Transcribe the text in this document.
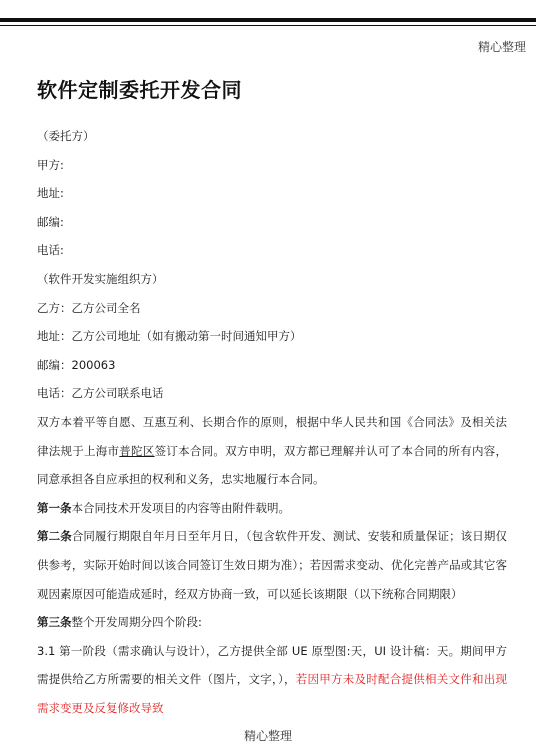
精心整理
软件定制委托开发合同
（委托方）
甲方:
地址:
邮编:
电话:
（软件开发实施组织方）
乙方：乙方公司全名
地址：乙方公司地址（如有搬动第一时间通知甲方）
邮编：200063
电话：乙方公司联系电话
双方本着平等自愿、互惠互利、长期合作的原则，根据中华人民共和国《合同法》及相关法律法规于上海市普陀区签订本合同。双方申明，双方都已理解并认可了本合同的所有内容，同意承担各自应承担的权利和义务，忠实地履行本合同。
第一条本合同技术开发项目的内容等由附件载明。
第二条合同履行期限自年月日至年月日，（包含软件开发、测试、安装和质量保证；该日期仅供参考，实际开始时间以该合同签订生效日期为准）；若因需求变动、优化完善产品或其它客观因素原因可能造成延时，经双方协商一致，可以延长该期限（以下统称合同期限）
第三条整个开发周期分四个阶段:
3.1 第一阶段（需求确认与设计），乙方提供全部 UE 原型图:天，UI 设计稿：天。期间甲方需提供给乙方所需要的相关文件（图片，文字，），若因甲方未及时配合提供相关文件和出现需求变更及反复修改导致
精心整理
